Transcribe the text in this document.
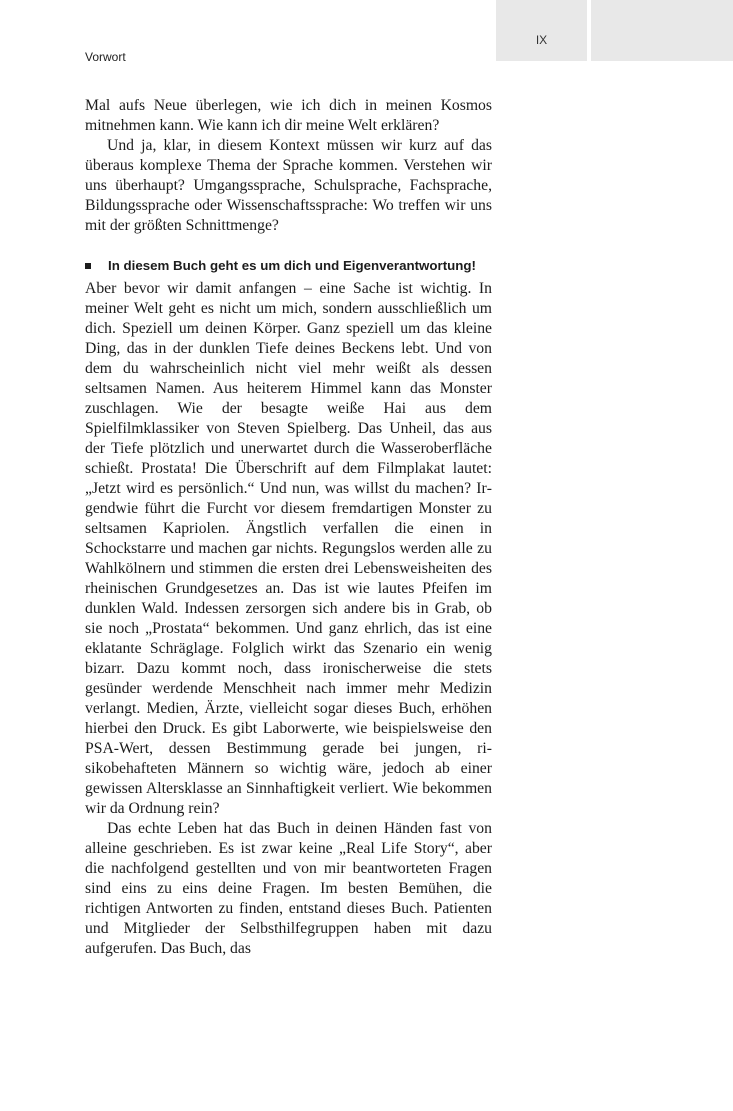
IX
Vorwort

Mal aufs Neue überlegen, wie ich dich in meinen Kosmos mitnehmen kann. Wie kann ich dir meine Welt erklären?

Und ja, klar, in diesem Kontext müssen wir kurz auf das überaus komplexe Thema der Sprache kommen. Verstehen wir uns überhaupt? Umgangssprache, Schulsprache, Fachsprache, Bildungssprache oder Wissenschaftssprache: Wo treffen wir uns mit der größten Schnittmenge?

In diesem Buch geht es um dich und Eigenverantwortung!

Aber bevor wir damit anfangen – eine Sache ist wichtig. In meiner Welt geht es nicht um mich, sondern ausschließlich um dich. Speziell um deinen Körper. Ganz speziell um das kleine Ding, das in der dunklen Tiefe deines Beckens lebt. Und von dem du wahrscheinlich nicht viel mehr weißt als dessen seltsamen Namen. Aus heiterem Himmel kann das Monster zuschlagen. Wie der besagte weiße Hai aus dem Spielfilmklassiker von Steven Spielberg. Das Unheil, das aus der Tiefe plötzlich und unerwartet durch die Wasseroberfläche schießt. Prostata! Die Überschrift auf dem Filmplakat lautet: „Jetzt wird es persönlich.“ Und nun, was willst du machen? Irgendwie führt die Furcht vor diesem fremdartigen Monster zu seltsamen Kapriolen. Ängstlich verfallen die einen in Schockstarre und machen gar nichts. Regungslos werden alle zu Wahlkölnern und stimmen die ersten drei Lebensweisheiten des rheinischen Grundgesetzes an. Das ist wie lautes Pfeifen im dunklen Wald. Indessen zersorgen sich andere bis in Grab, ob sie noch „Prostata“ bekommen. Und ganz ehrlich, das ist eine eklatante Schräglage. Folglich wirkt das Szenario ein wenig bizarr. Dazu kommt noch, dass ironischerweise die stets gesünder werdende Menschheit nach immer mehr Medizin verlangt. Medien, Ärzte, vielleicht sogar dieses Buch, erhöhen hierbei den Druck. Es gibt Laborwerte, wie beispielsweise den PSA-Wert, dessen Bestimmung gerade bei jungen, risikobehafteten Männern so wichtig wäre, jedoch ab einer gewissen Altersklasse an Sinnhaftigkeit verliert. Wie bekommen wir da Ordnung rein?

Das echte Leben hat das Buch in deinen Händen fast von alleine geschrieben. Es ist zwar keine „Real Life Story“, aber die nachfolgend gestellten und von mir beantworteten Fragen sind eins zu eins deine Fragen. Im besten Bemühen, die richtigen Antworten zu finden, entstand dieses Buch. Patienten und Mitglieder der Selbsthilfegruppen haben mit dazu aufgerufen. Das Buch, das
